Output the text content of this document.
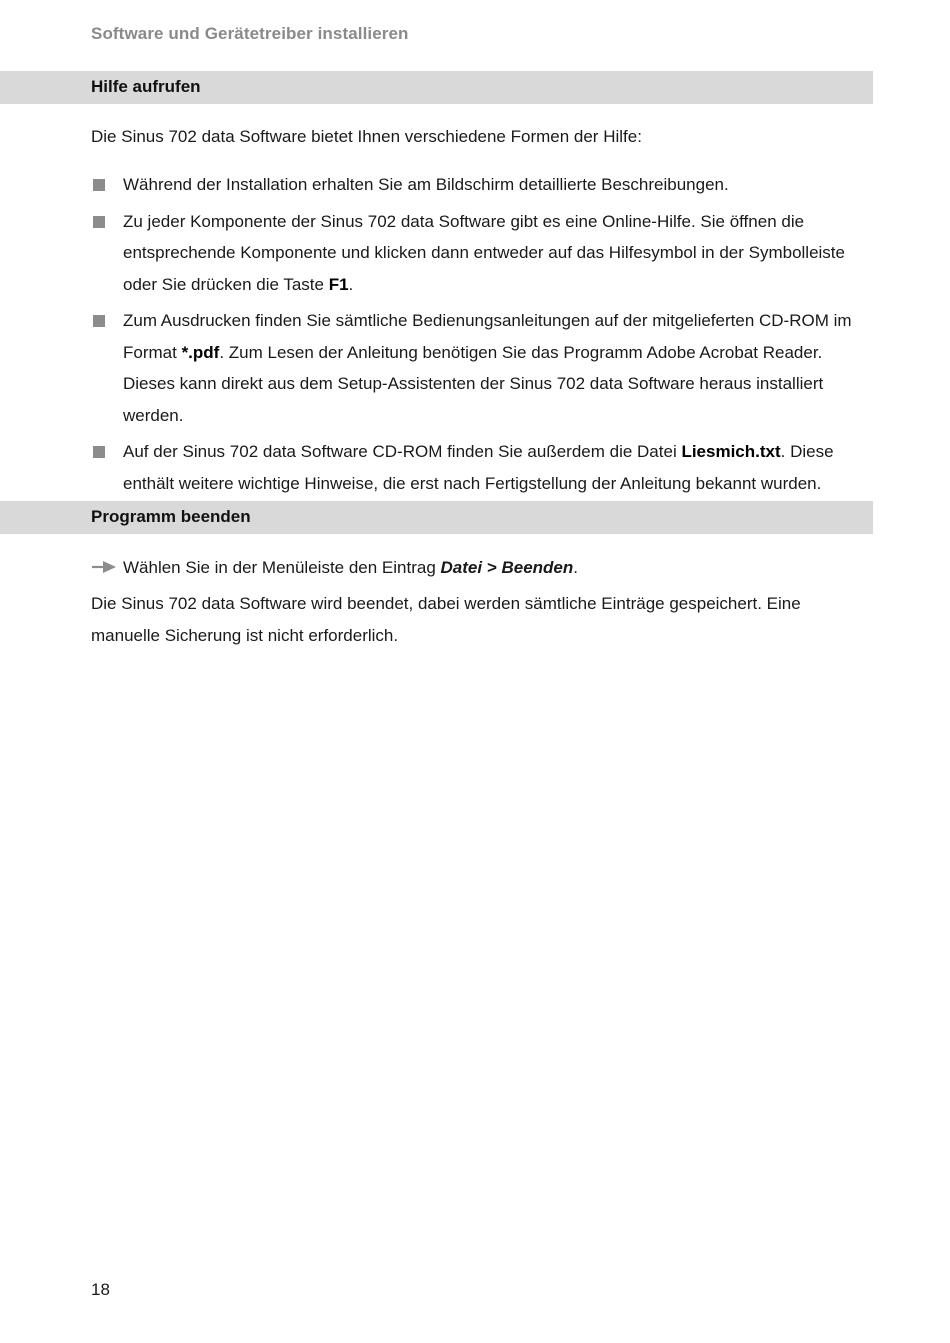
Software und Gerätetreiber installieren
Hilfe aufrufen

Die Sinus 702 data Software bietet Ihnen verschiedene Formen der Hilfe:

Während der Installation erhalten Sie am Bildschirm detaillierte Beschreibungen.
Zu jeder Komponente der Sinus 702 data Software gibt es eine Online-Hilfe. Sie öffnen die entsprechende Komponente und klicken dann entweder auf das Hilfesymbol in der Symbolleiste oder Sie drücken die Taste F1.
Zum Ausdrucken finden Sie sämtliche Bedienungsanleitungen auf der mitgelieferten CD-ROM im Format *.pdf. Zum Lesen der Anleitung benötigen Sie das Programm Adobe Acrobat Reader. Dieses kann direkt aus dem Setup-Assistenten der Sinus 702 data Software heraus installiert werden.
Auf der Sinus 702 data Software CD-ROM finden Sie außerdem die Datei Liesmich.txt. Diese enthält weitere wichtige Hinweise, die erst nach Fertigstellung der Anleitung bekannt wurden.
Programm beenden
Wählen Sie in der Menüleiste den Eintrag Datei > Beenden.

Die Sinus 702 data Software wird beendet, dabei werden sämtliche Einträge gespeichert. Eine manuelle Sicherung ist nicht erforderlich.

18
